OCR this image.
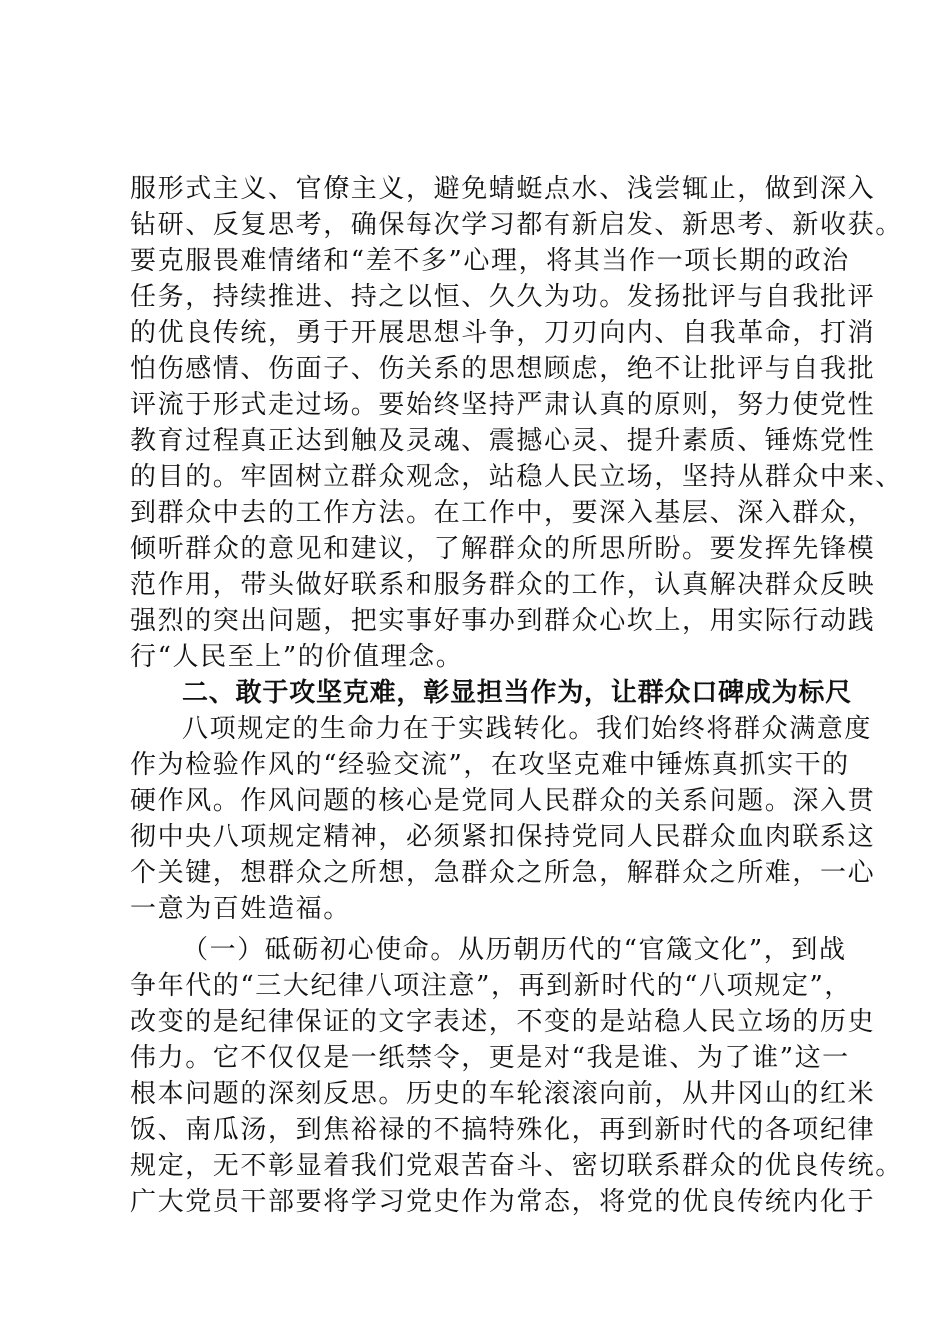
服形式主义、官僚主义，避免蜻蜓点水、浅尝辄止，做到深入
钻研、反复思考，确保每次学习都有新启发、新思考、新收获。
要克服畏难情绪和“差不多”心理，将其当作一项长期的政治
任务，持续推进、持之以恒、久久为功。发扬批评与自我批评
的优良传统，勇于开展思想斗争，刀刃向内、自我革命，打消
怕伤感情、伤面子、伤关系的思想顾虑，绝不让批评与自我批
评流于形式走过场。要始终坚持严肃认真的原则，努力使党性
教育过程真正达到触及灵魂、震撼心灵、提升素质、锤炼党性
的目的。牢固树立群众观念，站稳人民立场，坚持从群众中来、
到群众中去的工作方法。在工作中，要深入基层、深入群众，
倾听群众的意见和建议，了解群众的所思所盼。要发挥先锋模
范作用，带头做好联系和服务群众的工作，认真解决群众反映
强烈的突出问题，把实事好事办到群众心坎上，用实际行动践
行“人民至上”的价值理念。
二、敢于攻坚克难，彰显担当作为，让群众口碑成为标尺
八项规定的生命力在于实践转化。我们始终将群众满意度
作为检验作风的“经验交流”，在攻坚克难中锤炼真抓实干的
硬作风。作风问题的核心是党同人民群众的关系问题。深入贯
彻中央八项规定精神，必须紧扣保持党同人民群众血肉联系这
个关键，想群众之所想，急群众之所急，解群众之所难，一心
一意为百姓造福。
（一）砥砺初心使命。从历朝历代的“官箴文化”，到战
争年代的“三大纪律八项注意”，再到新时代的“八项规定”，
改变的是纪律保证的文字表述，不变的是站稳人民立场的历史
伟力。它不仅仅是一纸禁令，更是对“我是谁、为了谁”这一
根本问题的深刻反思。历史的车轮滚滚向前，从井冈山的红米
饭、南瓜汤，到焦裕禄的不搞特殊化，再到新时代的各项纪律
规定，无不彰显着我们党艰苦奋斗、密切联系群众的优良传统。
广大党员干部要将学习党史作为常态，将党的优良传统内化于
